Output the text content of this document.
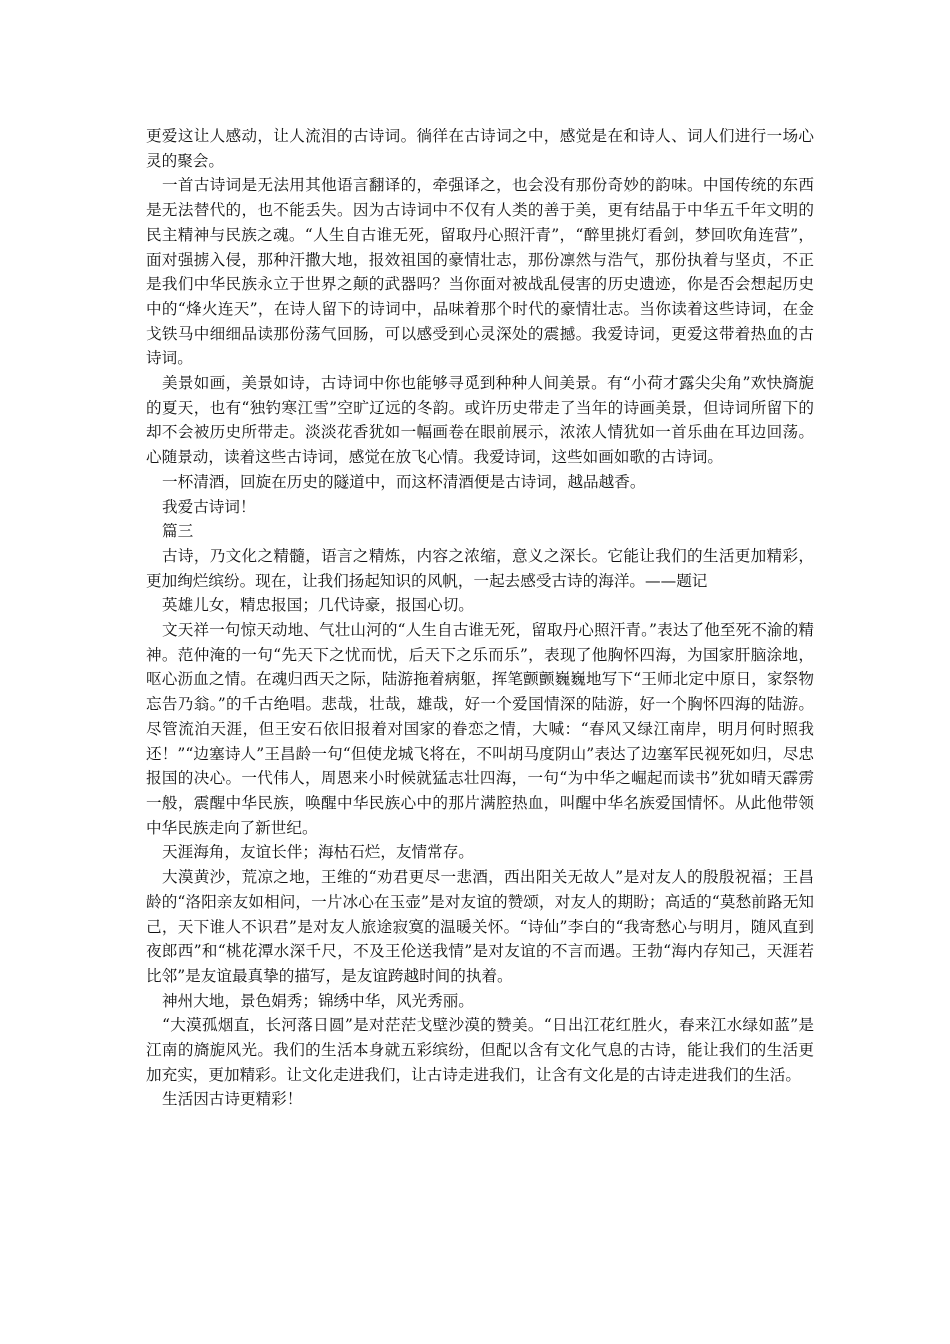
更爱这让人感动，让人流泪的古诗词。徜徉在古诗词之中，感觉是在和诗人、词人们进行一场心灵的聚会。

一首古诗词是无法用其他语言翻译的，牵强译之，也会没有那份奇妙的韵味。中国传统的东西是无法替代的，也不能丢失。因为古诗词中不仅有人类的善于美，更有结晶于中华五千年文明的民主精神与民族之魂。“人生自古谁无死，留取丹心照汗青”，“醉里挑灯看剑，梦回吹角连营”，面对强掳入侵，那种汗撒大地，报效祖国的豪情壮志，那份凛然与浩气，那份执着与坚贞，不正是我们中华民族永立于世界之颠的武器吗？当你面对被战乱侵害的历史遗迹，你是否会想起历史中的“烽火连天”，在诗人留下的诗词中，品味着那个时代的豪情壮志。当你读着这些诗词，在金戈铁马中细细品读那份荡气回肠，可以感受到心灵深处的震撼。我爱诗词，更爱这带着热血的古诗词。

美景如画，美景如诗，古诗词中你也能够寻觅到种种人间美景。有“小荷才露尖尖角”欢快旖旎的夏天，也有“独钓寒江雪”空旷辽远的冬韵。或许历史带走了当年的诗画美景，但诗词所留下的却不会被历史所带走。淡淡花香犹如一幅画卷在眼前展示，浓浓人情犹如一首乐曲在耳边回荡。心随景动，读着这些古诗词，感觉在放飞心情。我爱诗词，这些如画如歌的古诗词。

一杯清酒，回旋在历史的隧道中，而这杯清酒便是古诗词，越品越香。

我爱古诗词！

篇三

古诗，乃文化之精髓，语言之精炼，内容之浓缩，意义之深长。它能让我们的生活更加精彩，更加绚烂缤纷。现在，让我们扬起知识的风帆，一起去感受古诗的海洋。——题记

英雄儿女，精忠报国；几代诗豪，报国心切。

文天祥一句惊天动地、气壮山河的“人生自古谁无死，留取丹心照汗青。”表达了他至死不渝的精神。范仲淹的一句“先天下之忧而忧，后天下之乐而乐”，表现了他胸怀四海，为国家肝脑涂地，呕心沥血之情。在魂归西天之际，陆游拖着病躯，挥笔颤颤巍巍地写下“王师北定中原日，家祭物忘告乃翁。”的千古绝唱。悲哉，壮哉，雄哉，好一个爱国情深的陆游，好一个胸怀四海的陆游。尽管流泊天涯，但王安石依旧报着对国家的眷恋之情，大喊：“春风又绿江南岸，明月何时照我还！”“边塞诗人”王昌龄一句“但使龙城飞将在，不叫胡马度阴山”表达了边塞军民视死如归，尽忠报国的决心。一代伟人，周恩来小时候就猛志壮四海，一句“为中华之崛起而读书”犹如晴天霹雳一般，震醒中华民族，唤醒中华民族心中的那片满腔热血，叫醒中华名族爱国情怀。从此他带领中华民族走向了新世纪。

天涯海角，友谊长伴；海枯石烂，友情常存。

大漠黄沙，荒凉之地，王维的“劝君更尽一悲酒，西出阳关无故人”是对友人的殷殷祝福；王昌龄的“洛阳亲友如相问，一片冰心在玉壶”是对友谊的赞颂，对友人的期盼；高适的“莫愁前路无知己，天下谁人不识君”是对友人旅途寂寞的温暖关怀。“诗仙”李白的“我寄愁心与明月，随风直到夜郎西”和“桃花潭水深千尺，不及王伦送我情”是对友谊的不言而遇。王勃“海内存知己，天涯若比邻”是友谊最真挚的描写，是友谊跨越时间的执着。

神州大地，景色娟秀；锦绣中华，风光秀丽。

“大漠孤烟直，长河落日圆”是对茫茫戈壁沙漠的赞美。“日出江花红胜火，春来江水绿如蓝”是江南的旖旎风光。我们的生活本身就五彩缤纷，但配以含有文化气息的古诗，能让我们的生活更加充实，更加精彩。让文化走进我们，让古诗走进我们，让含有文化是的古诗走进我们的生活。

生活因古诗更精彩！
